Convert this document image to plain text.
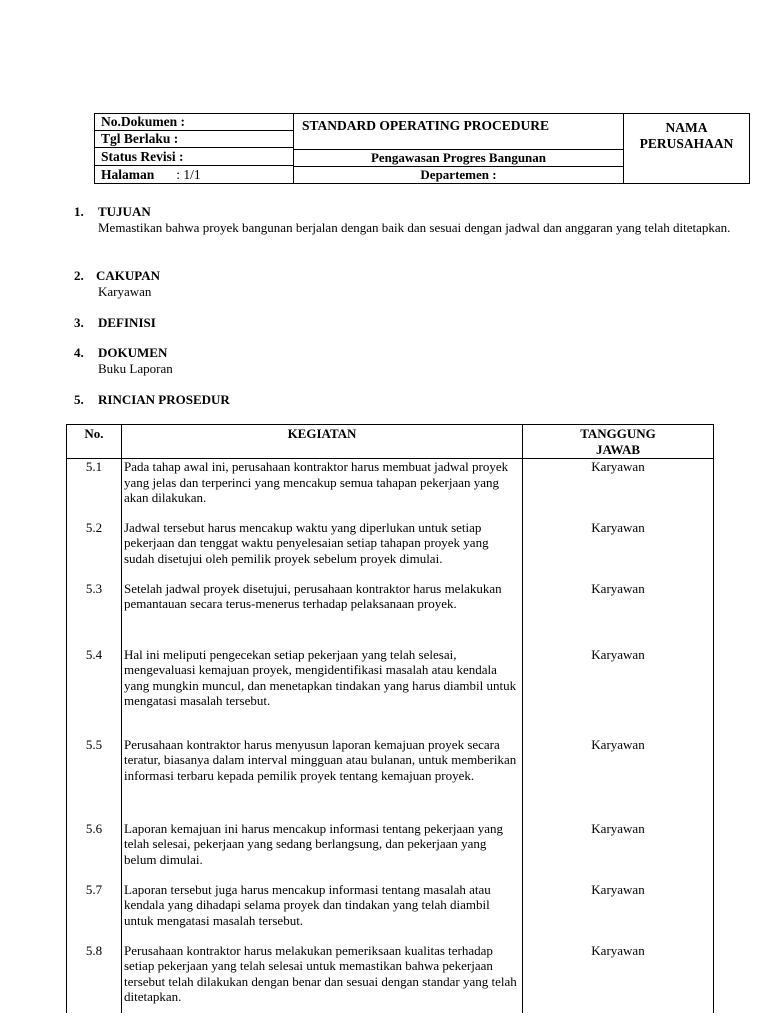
No.Dokumen :
Tgl Berlaku :
Status Revisi :
Halaman : 1/1
STANDARD OPERATING PROCEDURE
Pengawasan Progres Bangunan
Departemen :
NAMA
PERUSAHAAN
1. TUJUAN
Memastikan bahwa proyek bangunan berjalan dengan baik dan sesuai dengan jadwal dan anggaran yang telah ditetapkan.
2. CAKUPAN
Karyawan
3. DEFINISI
4. DOKUMEN
Buku Laporan
5. RINCIAN PROSEDUR
No.	KEGIATAN	TANGGUNG
JAWAB

5.1	Pada tahap awal ini, perusahaan kontraktor harus membuat jadwal proyek yang jelas dan terperinci yang mencakup semua tahapan pekerjaan yang akan dilakukan.	Karyawan
5.2	Jadwal tersebut harus mencakup waktu yang diperlukan untuk setiap pekerjaan dan tenggat waktu penyelesaian setiap tahapan proyek yang sudah disetujui oleh pemilik proyek sebelum proyek dimulai.	Karyawan
5.3	Setelah jadwal proyek disetujui, perusahaan kontraktor harus melakukan pemantauan secara terus-menerus terhadap pelaksanaan proyek.	Karyawan
5.4	Hal ini meliputi pengecekan setiap pekerjaan yang telah selesai, mengevaluasi kemajuan proyek, mengidentifikasi masalah atau kendala yang mungkin muncul, dan menetapkan tindakan yang harus diambil untuk mengatasi masalah tersebut.	Karyawan
5.5	Perusahaan kontraktor harus menyusun laporan kemajuan proyek secara teratur, biasanya dalam interval mingguan atau bulanan, untuk memberikan informasi terbaru kepada pemilik proyek tentang kemajuan proyek.	Karyawan
5.6	Laporan kemajuan ini harus mencakup informasi tentang pekerjaan yang telah selesai, pekerjaan yang sedang berlangsung, dan pekerjaan yang belum dimulai.	Karyawan
5.7	Laporan tersebut juga harus mencakup informasi tentang masalah atau kendala yang dihadapi selama proyek dan tindakan yang telah diambil untuk mengatasi masalah tersebut.	Karyawan
5.8	Perusahaan kontraktor harus melakukan pemeriksaan kualitas terhadap setiap pekerjaan yang telah selesai untuk memastikan bahwa pekerjaan tersebut telah dilakukan dengan benar dan sesuai dengan standar yang telah ditetapkan.	Karyawan
